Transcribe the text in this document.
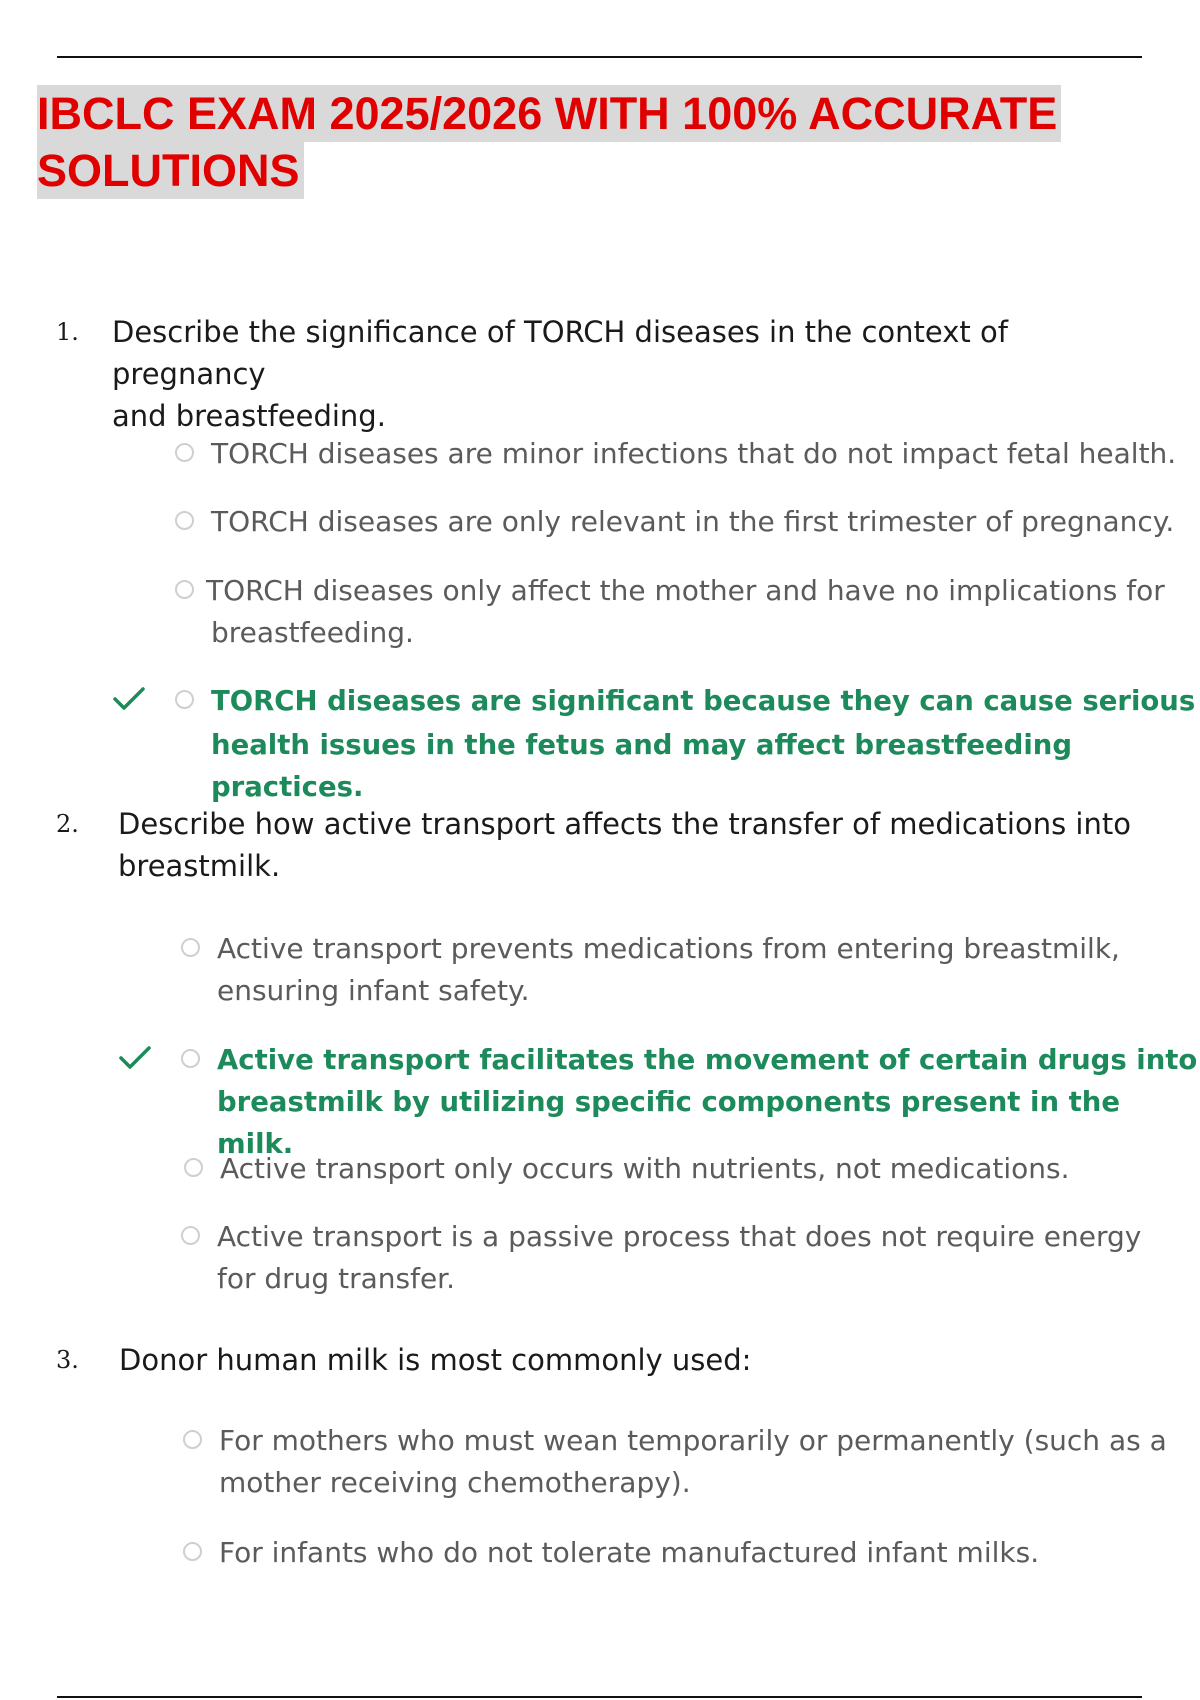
IBCLC EXAM 2025/2026 WITH 100% ACCURATE
SOLUTIONS
1. Describe the significance of TORCH diseases in the context of pregnancy
and breastfeeding.
TORCH diseases are minor infections that do not impact fetal health.
TORCH diseases are only relevant in the first trimester of pregnancy.
TORCH diseases only affect the mother and have no implications for
breastfeeding.
TORCH diseases are significant because they can cause serious
health issues in the fetus and may affect breastfeeding practices.
2. Describe how active transport affects the transfer of medications into
breastmilk.
Active transport prevents medications from entering breastmilk,
ensuring infant safety.
Active transport facilitates the movement of certain drugs into
breastmilk by utilizing specific components present in the milk.
Active transport only occurs with nutrients, not medications.
Active transport is a passive process that does not require energy
for drug transfer.
3. Donor human milk is most commonly used:
For mothers who must wean temporarily or permanently (such as a
mother receiving chemotherapy).
For infants who do not tolerate manufactured infant milks.
